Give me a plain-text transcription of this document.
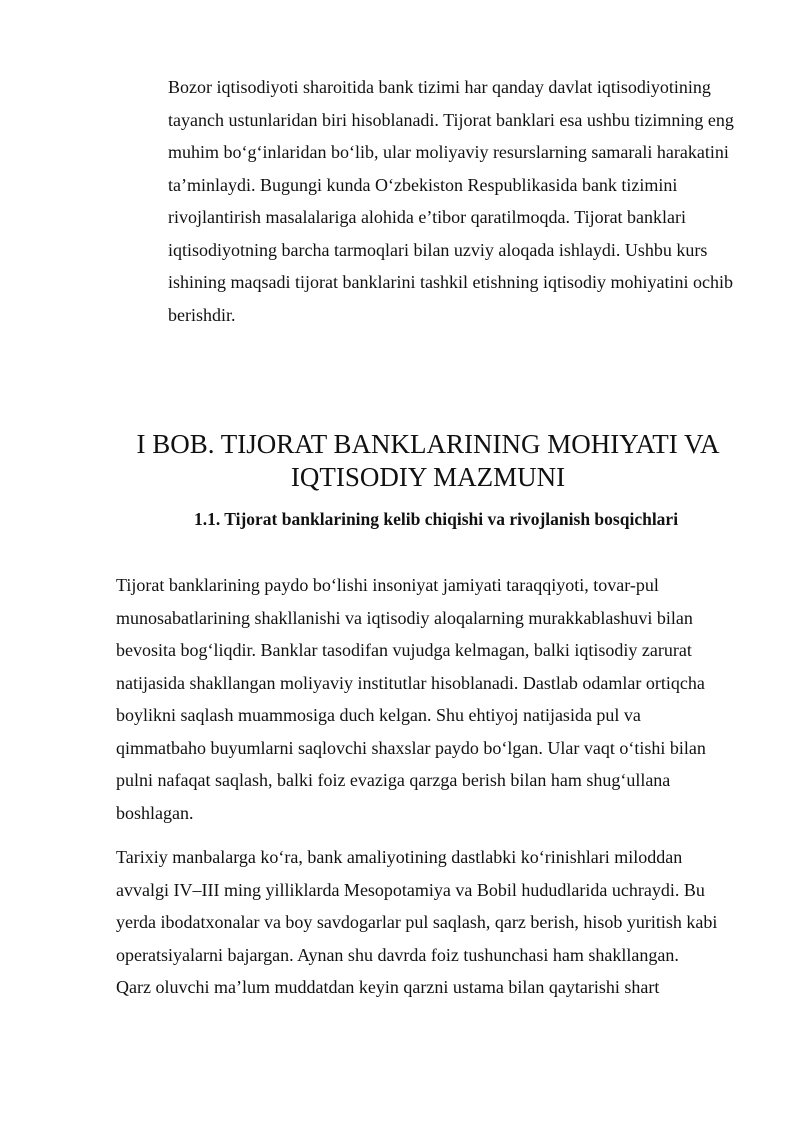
Bozor iqtisodiyoti sharoitida bank tizimi har qanday davlat iqtisodiyotining
tayanch ustunlaridan biri hisoblanadi. Tijorat banklari esa ushbu tizimning eng
muhim bo‘g‘inlaridan bo‘lib, ular moliyaviy resurslarning samarali harakatini
ta’minlaydi. Bugungi kunda O‘zbekiston Respublikasida bank tizimini
rivojlantirish masalalariga alohida e’tibor qaratilmoqda. Tijorat banklari
iqtisodiyotning barcha tarmoqlari bilan uzviy aloqada ishlaydi. Ushbu kurs
ishining maqsadi tijorat banklarini tashkil etishning iqtisodiy mohiyatini ochib
berishdir.
I BOB. TIJORAT BANKLARINING MOHIYATI VA
IQTISODIY MAZMUNI
1.1. Tijorat banklarining kelib chiqishi va rivojlanish bosqichlari
Tijorat banklarining paydo bo‘lishi insoniyat jamiyati taraqqiyoti, tovar-pul
munosabatlarining shakllanishi va iqtisodiy aloqalarning murakkablashuvi bilan
bevosita bog‘liqdir. Banklar tasodifan vujudga kelmagan, balki iqtisodiy zarurat
natijasida shakllangan moliyaviy institutlar hisoblanadi. Dastlab odamlar ortiqcha
boylikni saqlash muammosiga duch kelgan. Shu ehtiyoj natijasida pul va
qimmatbaho buyumlarni saqlovchi shaxslar paydo bo‘lgan. Ular vaqt o‘tishi bilan
pulni nafaqat saqlash, balki foiz evaziga qarzga berish bilan ham shug‘ullana
boshlagan.
Tarixiy manbalarga ko‘ra, bank amaliyotining dastlabki ko‘rinishlari miloddan
avvalgi IV–III ming yilliklarda Mesopotamiya va Bobil hududlarida uchraydi. Bu
yerda ibodatxonalar va boy savdogarlar pul saqlash, qarz berish, hisob yuritish kabi
operatsiyalarni bajargan. Aynan shu davrda foiz tushunchasi ham shakllangan.
Qarz oluvchi ma’lum muddatdan keyin qarzni ustama bilan qaytarishi shart
